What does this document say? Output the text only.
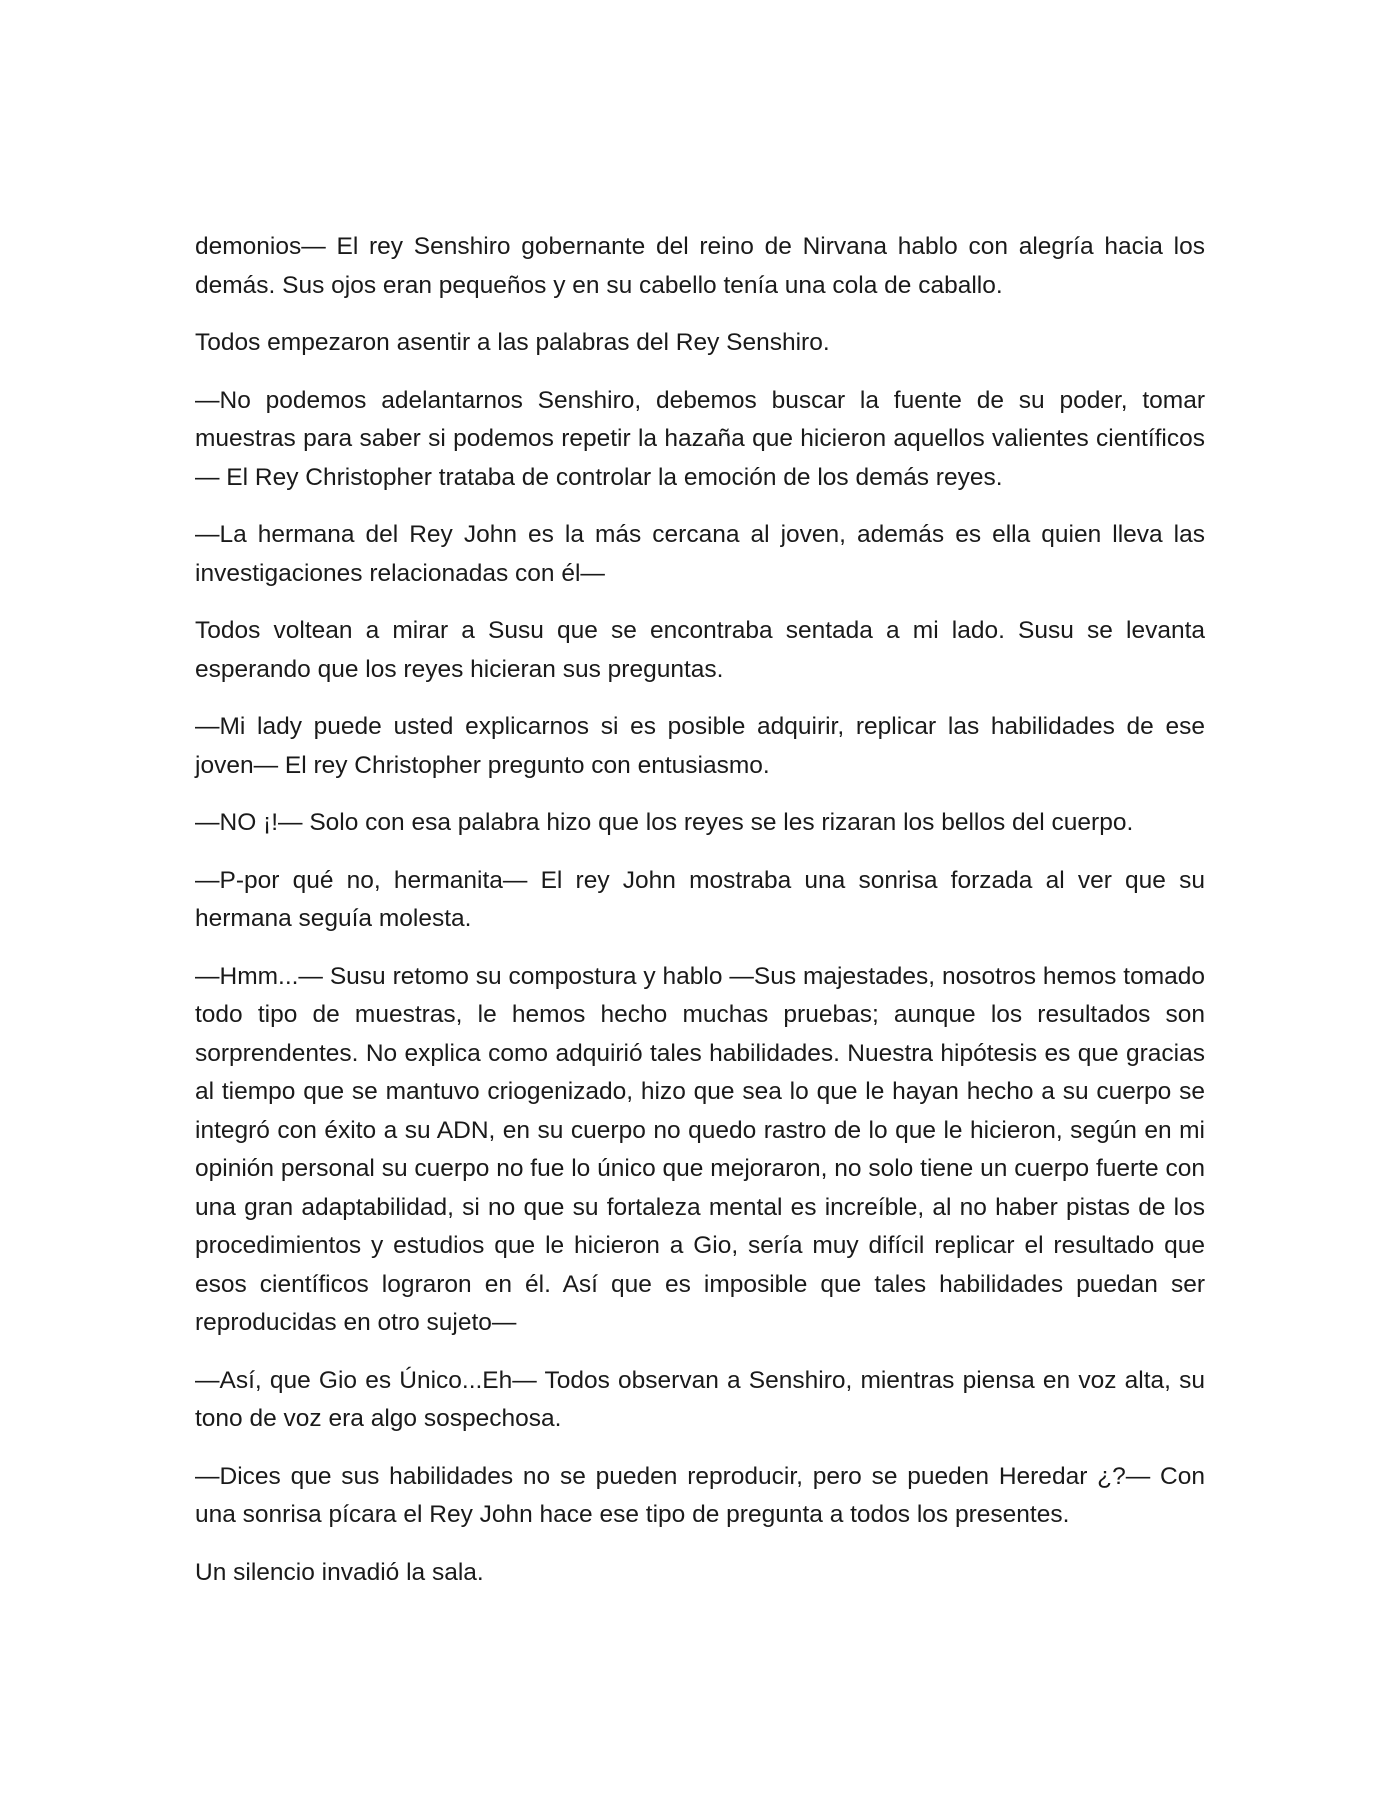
demonios— El rey Senshiro gobernante del reino de Nirvana hablo con alegría hacia los demás. Sus ojos eran pequeños y en su cabello tenía una cola de caballo.

Todos empezaron asentir a las palabras del Rey Senshiro.

—No podemos adelantarnos Senshiro, debemos buscar la fuente de su poder, tomar muestras para saber si podemos repetir la hazaña que hicieron aquellos valientes científicos— El Rey Christopher trataba de controlar la emoción de los demás reyes.

—La hermana del Rey John es la más cercana al joven, además es ella quien lleva las investigaciones relacionadas con él—

Todos voltean a mirar a Susu que se encontraba sentada a mi lado. Susu se levanta esperando que los reyes hicieran sus preguntas.

—Mi lady puede usted explicarnos si es posible adquirir, replicar las habilidades de ese joven— El rey Christopher pregunto con entusiasmo.

—NO ¡!— Solo con esa palabra hizo que los reyes se les rizaran los bellos del cuerpo.

—P-por qué no, hermanita— El rey John mostraba una sonrisa forzada al ver que su hermana seguía molesta.

—Hmm...— Susu retomo su compostura y hablo —Sus majestades, nosotros hemos tomado todo tipo de muestras, le hemos hecho muchas pruebas; aunque los resultados son sorprendentes. No explica como adquirió tales habilidades. Nuestra hipótesis es que gracias al tiempo que se mantuvo criogenizado, hizo que sea lo que le hayan hecho a su cuerpo se integró con éxito a su ADN, en su cuerpo no quedo rastro de lo que le hicieron, según en mi opinión personal su cuerpo no fue lo único que mejoraron, no solo tiene un cuerpo fuerte con una gran adaptabilidad, si no que su fortaleza mental es increíble, al no haber pistas de los procedimientos y estudios que le hicieron a Gio, sería muy difícil replicar el resultado que esos científicos lograron en él. Así que es imposible que tales habilidades puedan ser reproducidas en otro sujeto—

—Así, que Gio es Único...Eh— Todos observan a Senshiro, mientras piensa en voz alta, su tono de voz era algo sospechosa.

—Dices que sus habilidades no se pueden reproducir, pero se pueden Heredar ¿?— Con una sonrisa pícara el Rey John hace ese tipo de pregunta a todos los presentes.

Un silencio invadió la sala.
